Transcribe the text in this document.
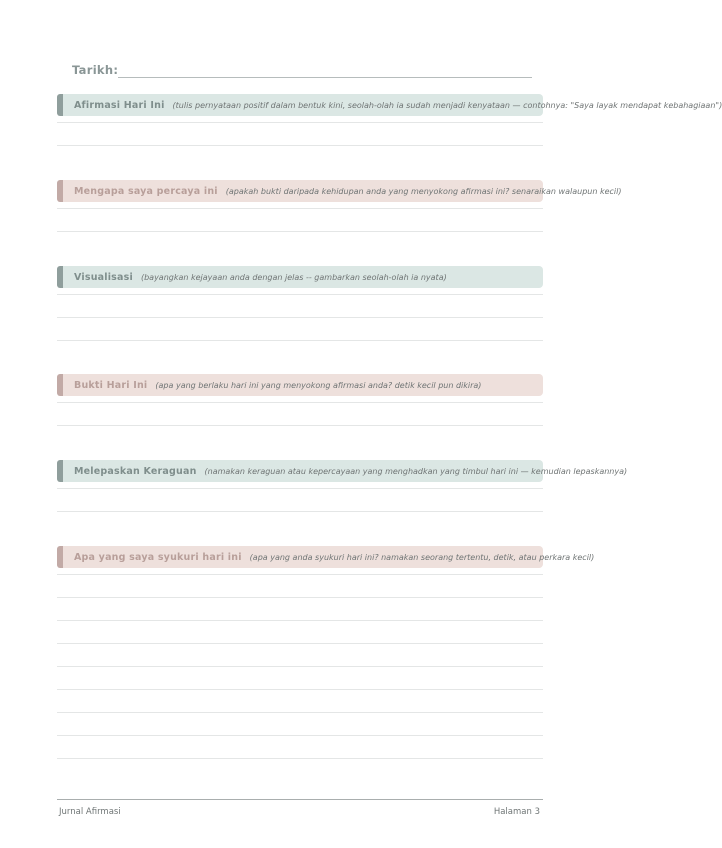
Tarikh:
Afirmasi Hari Ini (tulis pernyataan positif dalam bentuk kini, seolah-olah ia sudah menjadi kenyataan — contohnya: "Saya layak mendapat kebahagiaan")
Mengapa saya percaya ini (apakah bukti daripada kehidupan anda yang menyokong afirmasi ini? senaraikan walaupun kecil)
Visualisasi (bayangkan kejayaan anda dengan jelas -- gambarkan seolah-olah ia nyata)
Bukti Hari Ini (apa yang berlaku hari ini yang menyokong afirmasi anda? detik kecil pun dikira)
Melepaskan Keraguan (namakan keraguan atau kepercayaan yang menghadkan yang timbul hari ini — kemudian lepaskannya)
Apa yang saya syukuri hari ini (apa yang anda syukuri hari ini? namakan seorang tertentu, detik, atau perkara kecil)
Jurnal Afirmasi	Halaman 3
